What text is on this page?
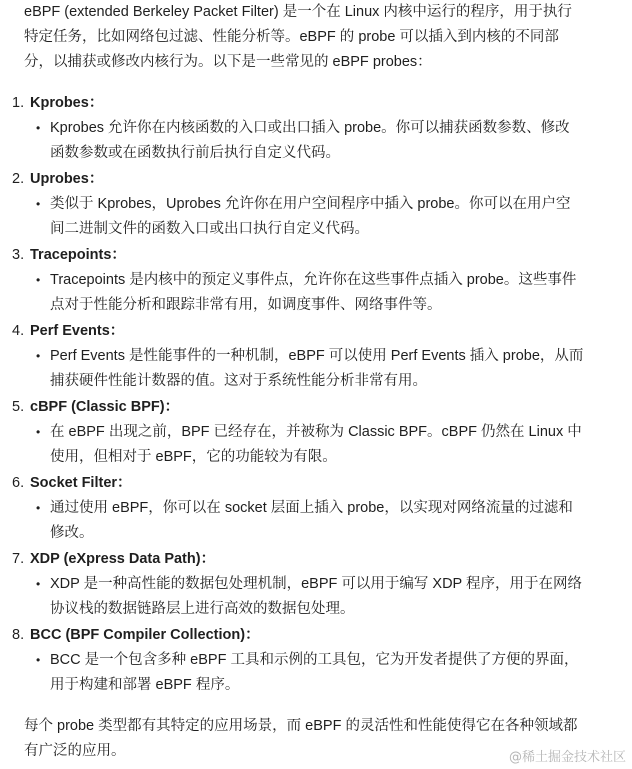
eBPF (extended Berkeley Packet Filter) 是一个在 Linux 内核中运行的程序，用于执行特定任务，比如网络包过滤、性能分析等。eBPF 的 probe 可以插入到内核的不同部分，以捕获或修改内核行为。以下是一些常见的 eBPF probes：

1. Kprobes ：
• Kprobes 允许你在内核函数的入口或出口插入 probe。你可以捕获函数参数、修改函数参数或在函数执行前后执行自定义代码。
2. Uprobes ：
• 类似于 Kprobes，Uprobes 允许你在用户空间程序中插入 probe。你可以在用户空间二进制文件的函数入口或出口执行自定义代码。
3. Tracepoints ：
• Tracepoints 是内核中的预定义事件点，允许你在这些事件点插入 probe。这些事件点对于性能分析和跟踪非常有用，如调度事件、网络事件等。
4. Perf Events ：
• Perf Events 是性能事件的一种机制，eBPF 可以使用 Perf Events 插入 probe，从而捕获硬件性能计数器的值。这对于系统性能分析非常有用。
5. cBPF (Classic BPF) ：
• 在 eBPF 出现之前，BPF 已经存在，并被称为 Classic BPF。cBPF 仍然在 Linux 中使用，但相对于 eBPF，它的功能较为有限。
6. Socket Filter ：
• 通过使用 eBPF，你可以在 socket 层面上插入 probe，以实现对网络流量的过滤和修改。
7. XDP (eXpress Data Path) ：
• XDP 是一种高性能的数据包处理机制，eBPF 可以用于编写 XDP 程序，用于在网络协议栈的数据链路层上进行高效的数据包处理。
8. BCC (BPF Compiler Collection) ：
• BCC 是一个包含多种 eBPF 工具和示例的工具包，它为开发者提供了方便的界面，用于构建和部署 eBPF 程序。

每个 probe 类型都有其特定的应用场景，而 eBPF 的灵活性和性能使得它在各种领域都有广泛的应用。	@稀土掘金技术社区
